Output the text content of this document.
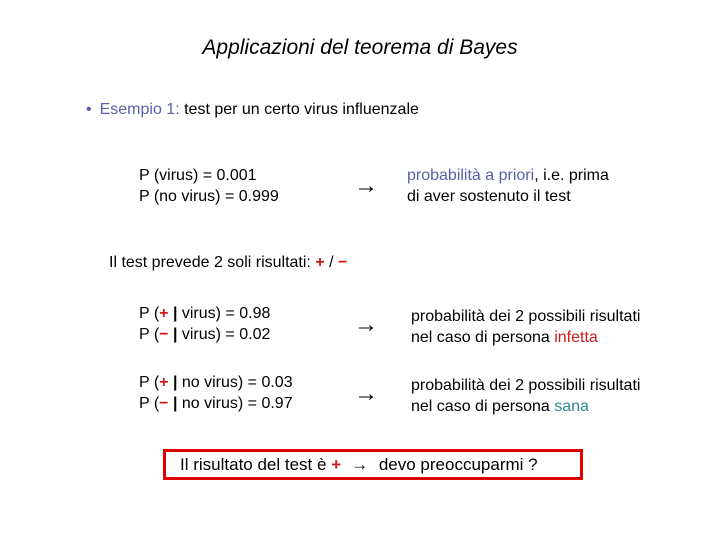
Applicazioni del teorema di Bayes
• Esempio 1: test per un certo virus influenzale
P (virus) = 0.001
P (no virus) = 0.999	→ probabilità a priori, i.e. prima
di aver sostenuto il test
Il test prevede 2 soli risultati: + / −
P (+ | virus) = 0.98
P (− | virus) = 0.02	→ probabilità dei 2 possibili risultati
nel caso di persona infetta
P (+ | no virus) = 0.03
P (− | no virus) = 0.97	→ probabilità dei 2 possibili risultati
nel caso di persona sana
Il risultato del test è + → devo preoccuparmi ?
